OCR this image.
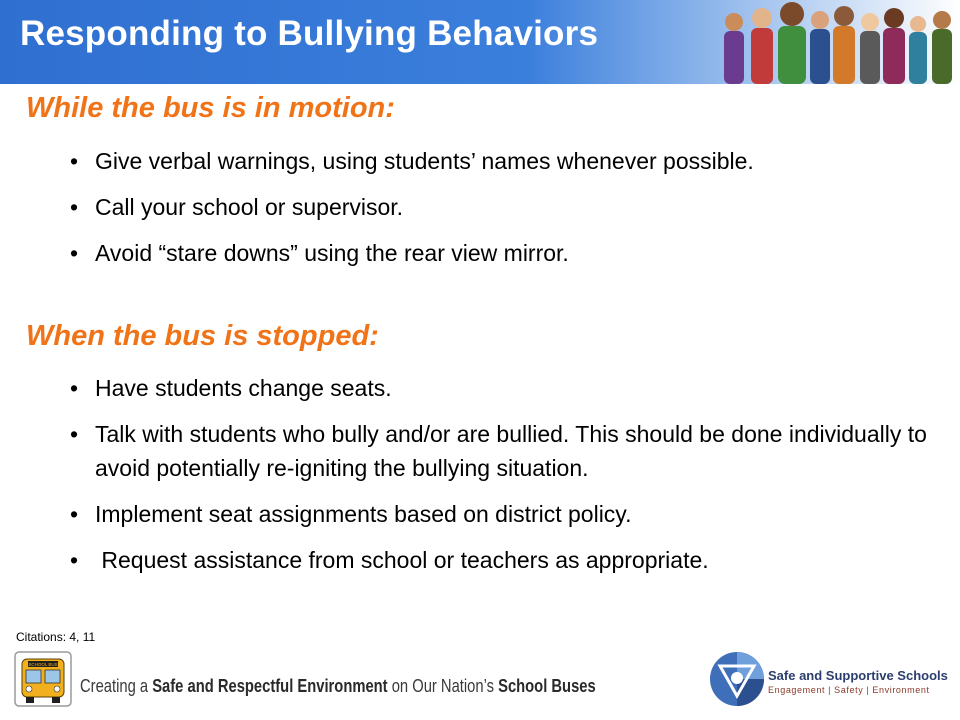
Responding to Bullying Behaviors
While the bus is in motion:
• Give verbal warnings, using students’ names whenever possible.
• Call your school or supervisor.
• Avoid “stare downs” using the rear view mirror.
When the bus is stopped:
• Have students change seats.
• Talk with students who bully and/or are bullied. This should be done individually to avoid potentially re-igniting the bullying situation.
• Implement seat assignments based on district policy.
• Request assistance from school or teachers as appropriate.
Citations: 4, 11
SCHOOL BUS
Creating a Safe and Respectful Environment on Our Nation’s School Buses
Safe and Supportive Schools
Engagement | Safety | Environment
